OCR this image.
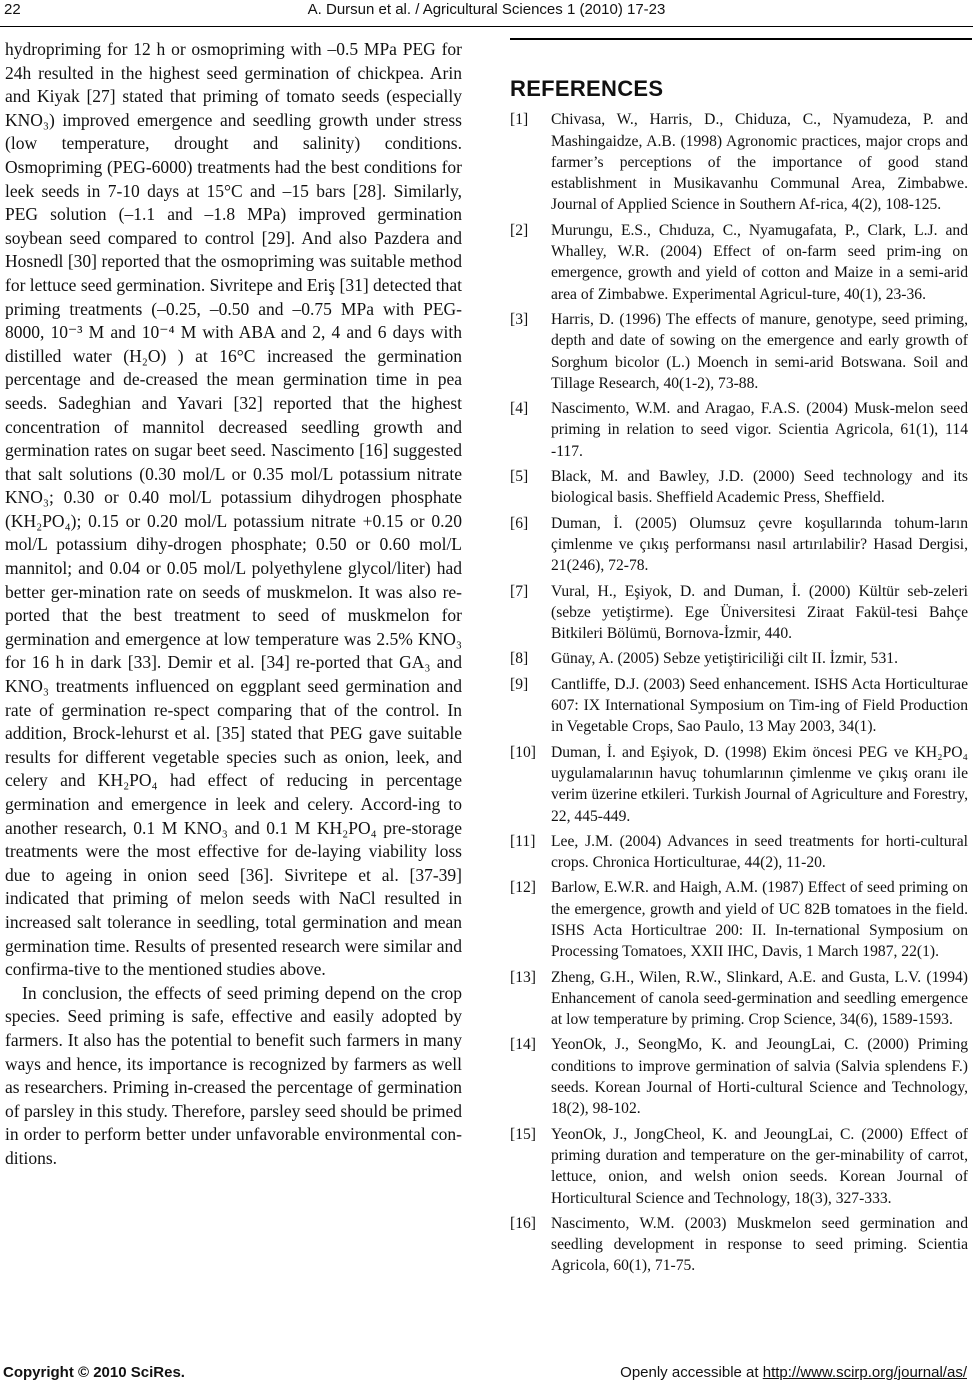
22	A. Dursun et al. / Agricultural Sciences 1 (2010) 17-23

hydropriming for 12 h or osmopriming with –0.5 MPa PEG for 24h resulted in the highest seed germination of chickpea. Arin and Kiyak [27] stated that priming of tomato seeds (especially KNO₃) improved emergence and seedling growth under stress (low temperature, drought and salinity) conditions. Osmopriming (PEG-6000) treatments had the best conditions for leek seeds in 7-10 days at 15°C and –15 bars [28]. Similarly, PEG solution (–1.1 and –1.8 MPa) improved germination soybean seed compared to control [29]. And also Pazdera and Hosnedl [30] reported that the osmopriming was suitable method for lettuce seed germination. Sivritepe and Eriş [31] detected that priming treatments (–0.25, –0.50 and –0.75 MPa with PEG-8000, 10⁻³ M and 10⁻⁴ M with ABA and 2, 4 and 6 days with distilled water (H₂O) ) at 16°C increased the germination percentage and de-creased the mean germination time in pea seeds. Sadeghian and Yavari [32] reported that the highest concentration of mannitol decreased seedling growth and germination rates on sugar beet seed. Nascimento [16] suggested that salt solutions (0.30 mol/L or 0.35 mol/L potassium nitrate KNO₃; 0.30 or 0.40 mol/L potassium dihydrogen phosphate (KH₂PO₄); 0.15 or 0.20 mol/L potassium nitrate +0.15 or 0.20 mol/L potassium dihy-drogen phosphate; 0.50 or 0.60 mol/L mannitol; and 0.04 or 0.05 mol/L polyethylene glycol/liter) had better ger-mination rate on seeds of muskmelon. It was also re-ported that the best treatment to seed of muskmelon for germination and emergence at low temperature was 2.5% KNO₃ for 16 h in dark [33]. Demir et al. [34] re-ported that GA₃ and KNO₃ treatments influenced on eggplant seed germination and rate of germination re-spect comparing that of the control. In addition, Brock-lehurst et al. [35] stated that PEG gave suitable results for different vegetable species such as onion, leek, and celery and KH₂PO₄ had effect of reducing in percentage germination and emergence in leek and celery. Accord-ing to another research, 0.1 M KNO₃ and 0.1 M KH₂PO₄ pre-storage treatments were the most effective for de-laying viability loss due to ageing in onion seed [36]. Sivritepe et al. [37-39] indicated that priming of melon seeds with NaCl resulted in increased salt tolerance in seedling, total germination and mean germination time. Results of presented research were similar and confirma-tive to the mentioned studies above.

In conclusion, the effects of seed priming depend on the crop species. Seed priming is safe, effective and easily adopted by farmers. It also has the potential to benefit such farmers in many ways and hence, its importance is recognized by farmers as well as researchers. Priming in-creased the percentage of germination of parsley in this study. Therefore, parsley seed should be primed in order to perform better under unfavorable environmental con-ditions.

REFERENCES
[1] Chivasa, W., Harris, D., Chiduza, C., Nyamudeza, P. and Mashingaidze, A.B. (1998) Agronomic practices, major crops and farmer’s perceptions of the importance of good stand establishment in Musikavanhu Communal Area, Zimbabwe. Journal of Applied Science in Southern Af-rica, 4(2), 108-125.
[2] Murungu, E.S., Chıduza, C., Nyamugafata, P., Clark, L.J. and Whalley, W.R. (2004) Effect of on-farm seed prim-ing on emergence, growth and yield of cotton and Maize in a semi-arid area of Zimbabwe. Experimental Agricul-ture, 40(1), 23-36.
[3] Harris, D. (1996) The effects of manure, genotype, seed priming, depth and date of sowing on the emergence and early growth of Sorghum bicolor (L.) Moench in semi-arid Botswana. Soil and Tillage Research, 40(1-2), 73-88.
[4] Nascimento, W.M. and Aragao, F.A.S. (2004) Musk-melon seed priming in relation to seed vigor. Scientia Agricola, 61(1), 114 -117.
[5] Black, M. and Bawley, J.D. (2000) Seed technology and its biological basis. Sheffield Academic Press, Sheffield.
[6] Duman, İ. (2005) Olumsuz çevre koşullarında tohum-ların çimlenme ve çıkış performansı nasıl artırılabilir? Hasad Dergisi, 21(246), 72-78.
[7] Vural, H., Eşiyok, D. and Duman, İ. (2000) Kültür seb-zeleri (sebze yetiştirme). Ege Üniversitesi Ziraat Fakül-tesi Bahçe Bitkileri Bölümü, Bornova-İzmir, 440.
[8] Günay, A. (2005) Sebze yetiştiriciliği cilt II. İzmir, 531.
[9] Cantliffe, D.J. (2003) Seed enhancement. ISHS Acta Horticulturae 607: IX International Symposium on Tim-ing of Field Production in Vegetable Crops, Sao Paulo, 13 May 2003, 34(1).
[10] Duman, İ. and Eşiyok, D. (1998) Ekim öncesi PEG ve KH₂PO₄ uygulamalarının havuç tohumlarının çimlenme ve çıkış oranı ile verim üzerine etkileri. Turkish Journal of Agriculture and Forestry, 22, 445-449.
[11] Lee, J.M. (2004) Advances in seed treatments for horti-cultural crops. Chronica Horticulturae, 44(2), 11-20.
[12] Barlow, E.W.R. and Haigh, A.M. (1987) Effect of seed priming on the emergence, growth and yield of UC 82B tomatoes in the field. ISHS Acta Horticultrae 200: II. In-ternational Symposium on Processing Tomatoes, XXII IHC, Davis, 1 March 1987, 22(1).
[13] Zheng, G.H., Wilen, R.W., Slinkard, A.E. and Gusta, L.V. (1994) Enhancement of canola seed-germination and seedling emergence at low temperature by priming. Crop Science, 34(6), 1589-1593.
[14] YeonOk, J., SeongMo, K. and JeoungLai, C. (2000) Priming conditions to improve germination of salvia (Salvia splendens F.) seeds. Korean Journal of Horti-cultural Science and Technology, 18(2), 98-102.
[15] YeonOk, J., JongCheol, K. and JeoungLai, C. (2000) Effect of priming duration and temperature on the ger-minability of carrot, lettuce, onion, and welsh onion seeds. Korean Journal of Horticultural Science and Technology, 18(3), 327-333.
[16] Nascimento, W.M. (2003) Muskmelon seed germination and seedling development in response to seed priming. Scientia Agricola, 60(1), 71-75.
Copyright © 2010 SciRes.	Openly accessible at http://www.scirp.org/journal/as/
